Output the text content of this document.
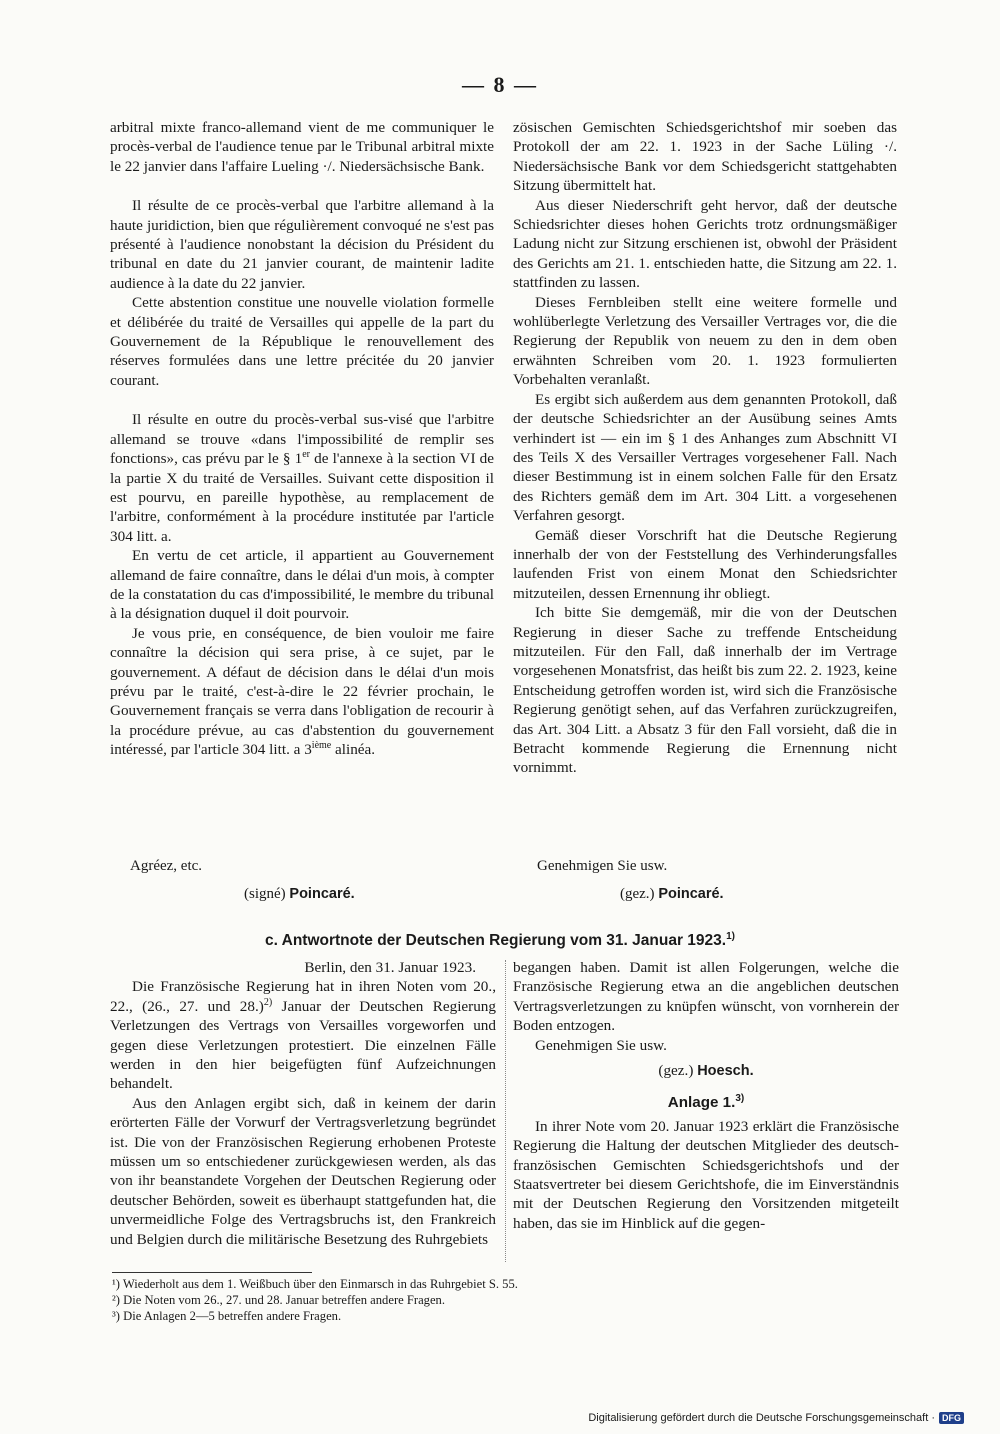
— 8 —

arbitral mixte franco-allemand vient de me communiquer le procès-verbal de l'audience tenue par le Tribunal arbitral mixte le 22 janvier dans l'affaire Lueling ·/. Niedersächsische Bank.

Il résulte de ce procès-verbal que l'arbitre allemand à la haute juridiction, bien que régulièrement convoqué ne s'est pas présenté à l'audience nonobstant la décision du Président du tribunal en date du 21 janvier courant, de maintenir ladite audience à la date du 22 janvier.

Cette abstention constitue une nouvelle violation formelle et délibérée du traité de Versailles qui appelle de la part du Gouvernement de la République le renouvellement des réserves formulées dans une lettre précitée du 20 janvier courant.

Il résulte en outre du procès-verbal sus-visé que l'arbitre allemand se trouve «dans l'impossibilité de remplir ses fonctions», cas prévu par le § 1er de l'annexe à la section VI de la partie X du traité de Versailles. Suivant cette disposition il est pourvu, en pareille hypothèse, au remplacement de l'arbitre, conformément à la procédure institutée par l'article 304 litt. a.

En vertu de cet article, il appartient au Gouvernement allemand de faire connaître, dans le délai d'un mois, à compter de la constatation du cas d'impossibilité, le membre du tribunal à la désignation duquel il doit pourvoir.

Je vous prie, en conséquence, de bien vouloir me faire connaître la décision qui sera prise, à ce sujet, par le gouvernement. A défaut de décision dans le délai d'un mois prévu par le traité, c'est-à-dire le 22 février prochain, le Gouvernement français se verra dans l'obligation de recourir à la procédure prévue, au cas d'abstention du gouvernement intéressé, par l'article 304 litt. a 3ième alinéa.

zösischen Gemischten Schiedsgerichtshof mir soeben das Protokoll der am 22. 1. 1923 in der Sache Lüling ·/. Niedersächsische Bank vor dem Schiedsgericht stattgehabten Sitzung übermittelt hat.

Aus dieser Niederschrift geht hervor, daß der deutsche Schiedsrichter dieses hohen Gerichts trotz ordnungsmäßiger Ladung nicht zur Sitzung erschienen ist, obwohl der Präsident des Gerichts am 21. 1. entschieden hatte, die Sitzung am 22. 1. stattfinden zu lassen.

Dieses Fernbleiben stellt eine weitere formelle und wohlüberlegte Verletzung des Versailler Vertrages vor, die die Regierung der Republik von neuem zu den in dem oben erwähnten Schreiben vom 20. 1. 1923 formulierten Vorbehalten veranlaßt.

Es ergibt sich außerdem aus dem genannten Protokoll, daß der deutsche Schiedsrichter an der Ausübung seines Amts verhindert ist — ein im § 1 des Anhanges zum Abschnitt VI des Teils X des Versailler Vertrages vorgesehener Fall. Nach dieser Bestimmung ist in einem solchen Falle für den Ersatz des Richters gemäß dem im Art. 304 Litt. a vorgesehenen Verfahren gesorgt.

Gemäß dieser Vorschrift hat die Deutsche Regierung innerhalb der von der Feststellung des Verhinderungsfalles laufenden Frist von einem Monat den Schiedsrichter mitzuteilen, dessen Ernennung ihr obliegt.

Ich bitte Sie demgemäß, mir die von der Deutschen Regierung in dieser Sache zu treffende Entscheidung mitzuteilen. Für den Fall, daß innerhalb der im Vertrage vorgesehenen Monatsfrist, das heißt bis zum 22. 2. 1923, keine Entscheidung getroffen worden ist, wird sich die Französische Regierung genötigt sehen, auf das Verfahren zurückzugreifen, das Art. 304 Litt. a Absatz 3 für den Fall vorsieht, daß die in Betracht kommende Regierung die Ernennung nicht vornimmt.

Agréez, etc.	Genehmigen Sie usw.
(signé) Poincaré.	(gez.) Poincaré.
c. Antwortnote der Deutschen Regierung vom 31. Januar 1923.$^{1)}$

Berlin, den 31. Januar 1923.

Die Französische Regierung hat in ihren Noten vom 20., 22., (26., 27. und 28.)$^{2)}$ Januar der Deutschen Regierung Verletzungen des Vertrags von Versailles vorgeworfen und gegen diese Verletzungen protestiert. Die einzelnen Fälle werden in den hier beigefügten fünf Aufzeichnungen behandelt.

Aus den Anlagen ergibt sich, daß in keinem der darin erörterten Fälle der Vorwurf der Vertragsverletzung begründet ist. Die von der Französischen Regierung erhobenen Proteste müssen um so entschiedener zurückgewiesen werden, als das von ihr beanstandete Vorgehen der Deutschen Regierung oder deutscher Behörden, soweit es überhaupt stattgefunden hat, die unvermeidliche Folge des Vertragsbruchs ist, den Frankreich und Belgien durch die militärische Besetzung des Ruhrgebiets

begangen haben. Damit ist allen Folgerungen, welche die Französische Regierung etwa an die angeblichen deutschen Vertragsverletzungen zu knüpfen wünscht, von vornherein der Boden entzogen.

Genehmigen Sie usw.

(gez.) Hoesch.
Anlage 1.$^{3)}$

In ihrer Note vom 20. Januar 1923 erklärt die Französische Regierung die Haltung der deutschen Mitglieder des deutsch-französischen Gemischten Schiedsgerichtshofs und der Staatsvertreter bei diesem Gerichtshofe, die im Einverständnis mit der Deutschen Regierung den Vorsitzenden mitgeteilt haben, das sie im Hinblick auf die gegen-

¹) Wiederholt aus dem 1. Weißbuch über den Einmarsch in das Ruhrgebiet S. 55.
²) Die Noten vom 26., 27. und 28. Januar betreffen andere Fragen.
³) Die Anlagen 2—5 betreffen andere Fragen.
Digitalisierung gefördert durch die Deutsche Forschungsgemeinschaft · DFG
